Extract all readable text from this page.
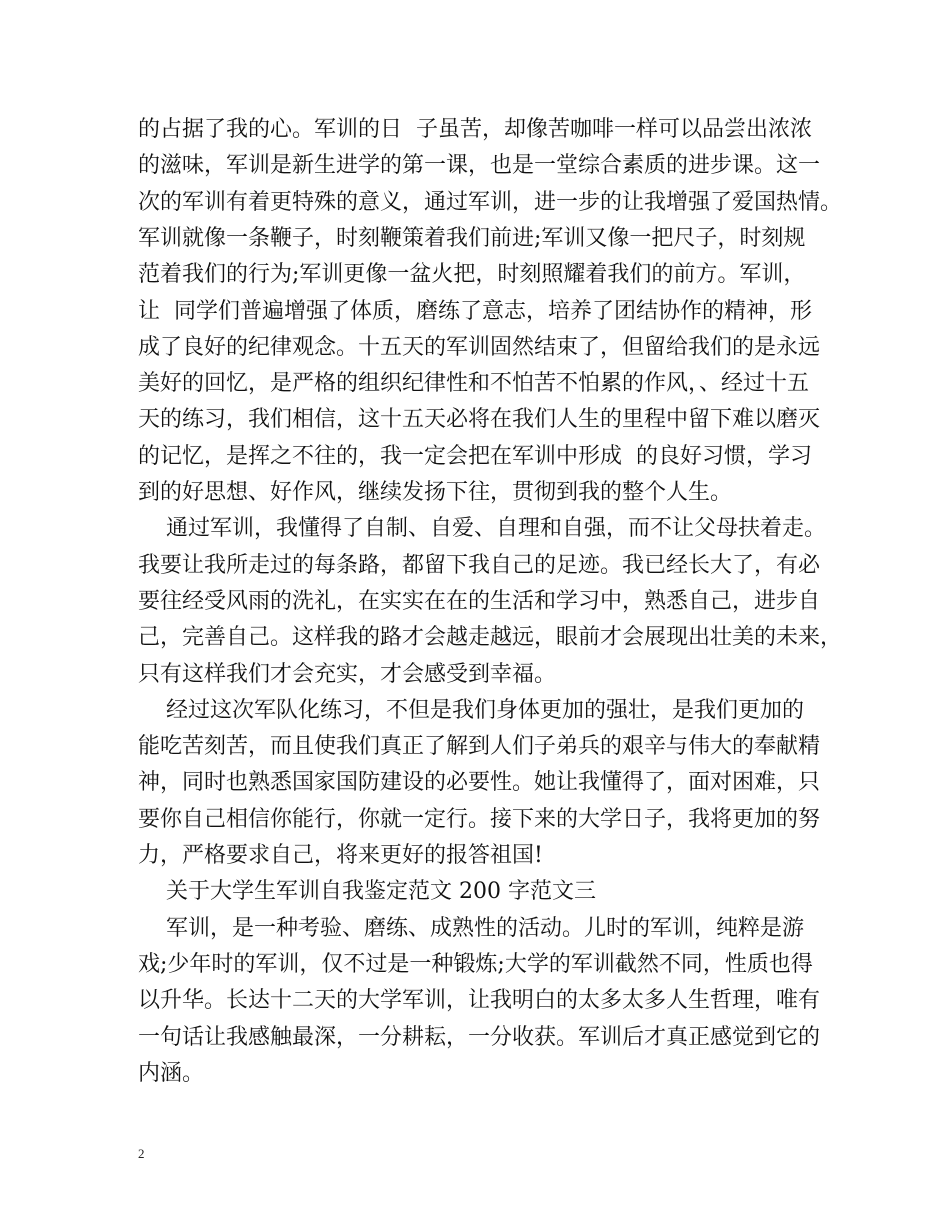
的占据了我的心。军训的日  子虽苦，却像苦咖啡一样可以品尝出浓浓
的滋味，军训是新生进学的第一课，也是一堂综合素质的进步课。这一
次的军训有着更特殊的意义，通过军训，进一步的让我增强了爱国热情。
军训就像一条鞭子，时刻鞭策着我们前进;军训又像一把尺子，时刻规
范着我们的行为;军训更像一盆火把，时刻照耀着我们的前方。军训，
让  同学们普遍增强了体质，磨练了意志，培养了团结协作的精神，形
成了良好的纪律观念。十五天的军训固然结束了，但留给我们的是永远
美好的回忆，是严格的组织纪律性和不怕苦不怕累的作风，、经过十五
天的练习，我们相信，这十五天必将在我们人生的里程中留下难以磨灭
的记忆，是挥之不往的，我一定会把在军训中形成  的良好习惯，学习
到的好思想、好作风，继续发扬下往，贯彻到我的整个人生。
通过军训，我懂得了自制、自爱、自理和自强，而不让父母扶着走。
我要让我所走过的每条路，都留下我自己的足迹。我已经长大了，有必
要往经受风雨的洗礼，在实实在在的生活和学习中，熟悉自己，进步自
己，完善自己。这样我的路才会越走越远，眼前才会展现出壮美的未来，
只有这样我们才会充实，才会感受到幸福。
经过这次军队化练习，不但是我们身体更加的强壮，是我们更加的
能吃苦刻苦，而且使我们真正了解到人们子弟兵的艰辛与伟大的奉献精
神，同时也熟悉国家国防建设的必要性。她让我懂得了，面对困难，只
要你自己相信你能行，你就一定行。接下来的大学日子，我将更加的努
力，严格要求自己，将来更好的报答祖国!
关于大学生军训自我鉴定范文 200 字范文三
军训，是一种考验、磨练、成熟性的活动。儿时的军训，纯粹是游
戏;少年时的军训，仅不过是一种锻炼;大学的军训截然不同，性质也得
以升华。长达十二天的大学军训，让我明白的太多太多人生哲理，唯有
一句话让我感触最深，一分耕耘，一分收获。军训后才真正感觉到它的
内涵。
2
